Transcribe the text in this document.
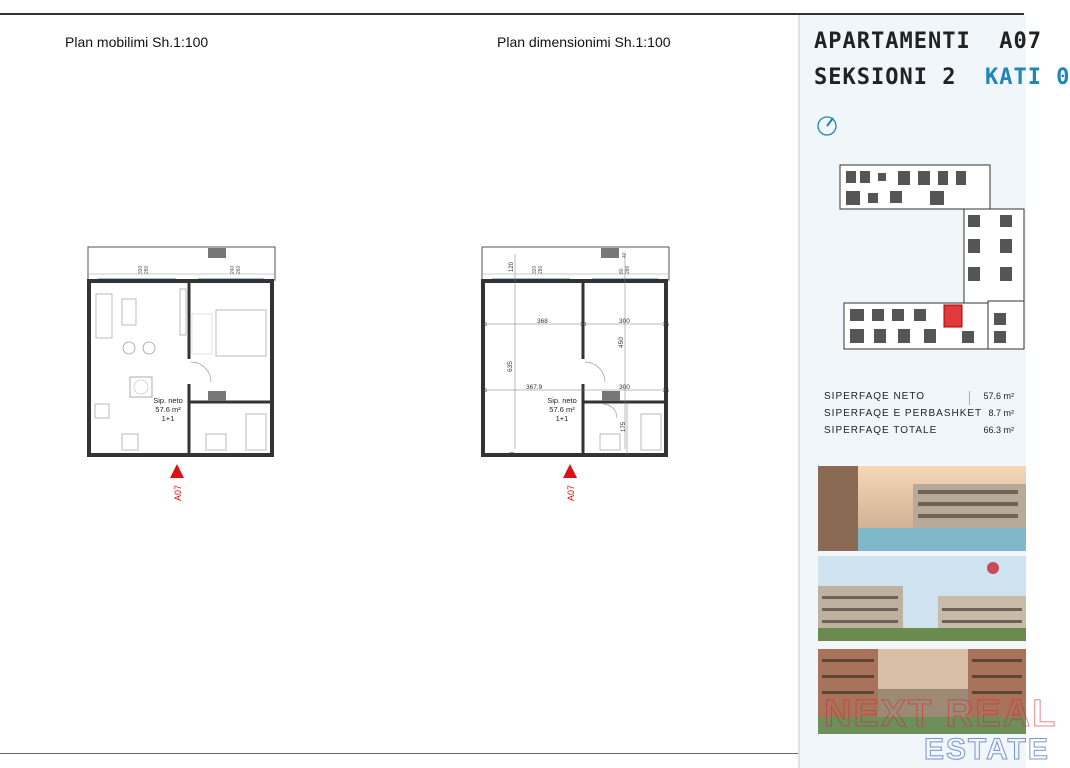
Plan mobilimi Sh.1:100
320 280	240 260
Sip. neto
57.6 m²
1+1
A07
Plan dimensionimi Sh.1:100
368	300
367.9	300
635
450
120
175
25	10	25
25	25
25
320 280	80 280
40
Sip. neto
57.6 m²
1+1
A07
APARTAMENTI A07
SEKSIONI 2 KATI 0
SIPERFAQE NETO	57.6 m²
SIPERFAQE E PERBASHKET 8.7 m²
SIPERFAQE TOTALE	66.3 m²
NEXT REAL
ESTATE
